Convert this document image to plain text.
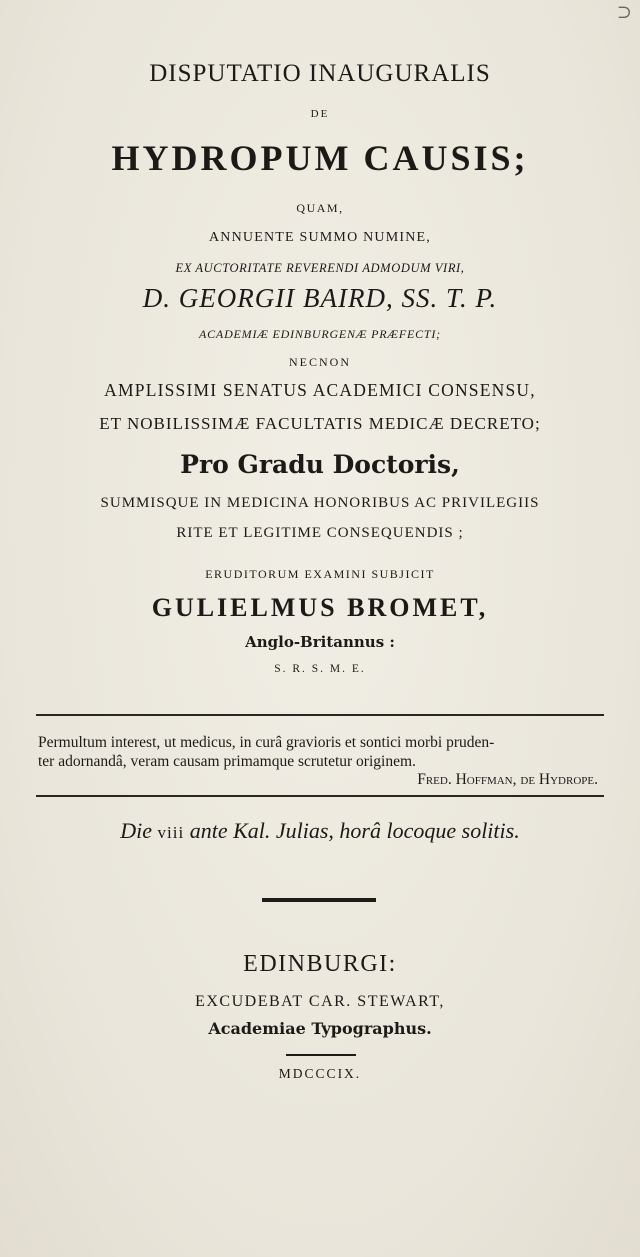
⊃
DISPUTATIO INAUGURALIS
DE
HYDROPUM CAUSIS;
QUAM,
ANNUENTE SUMMO NUMINE,
EX AUCTORITATE REVERENDI ADMODUM VIRI,
D. GEORGII BAIRD, SS. T. P.
ACADEMIÆ EDINBURGENÆ PRÆFECTI;
NECNON
AMPLISSIMI SENATUS ACADEMICI CONSENSU,
ET NOBILISSIMÆ FACULTATIS MEDICÆ DECRETO;
Pro Gradu Doctoris,
SUMMISQUE IN MEDICINA HONORIBUS AC PRIVILEGIIS
RITE ET LEGITIME CONSEQUENDIS ;
ERUDITORUM EXAMINI SUBJICIT
GULIELMUS BROMET,
Anglo-Britannus :
S. R. S. M. E.
Permultum interest, ut medicus, in curâ gravioris et sontici morbi pruden-
ter adornandâ, veram causam primamque scrutetur originem.
Fred. Hoffman, de Hydrope.
Die viii ante Kal. Julias, horâ locoque solitis.
EDINBURGI:
EXCUDEBAT CAR. STEWART,
Academiae Typographus.
MDCCCIX.
